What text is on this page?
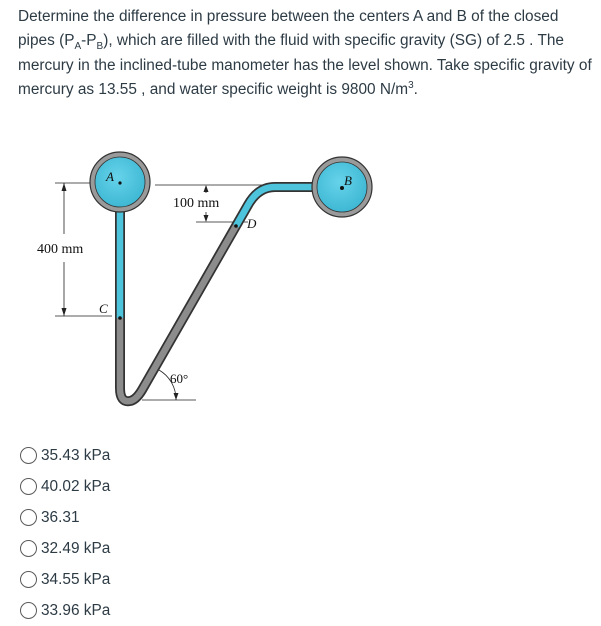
Determine the difference in pressure between the centers A and B of the closed pipes $(P_A-P_B)$, which are filled with the fluid with specific gravity (SG) of 2.5 . The mercury in the inclined-tube manometer has the level shown. Take specific gravity of mercury as 13.55 , and water specific weight is 9800 $N/m^3$.
A	B
C
D
400 mm
100 mm
60°
35.43 kPa
40.02 kPa
36.31
32.49 kPa
34.55 kPa
33.96 kPa
